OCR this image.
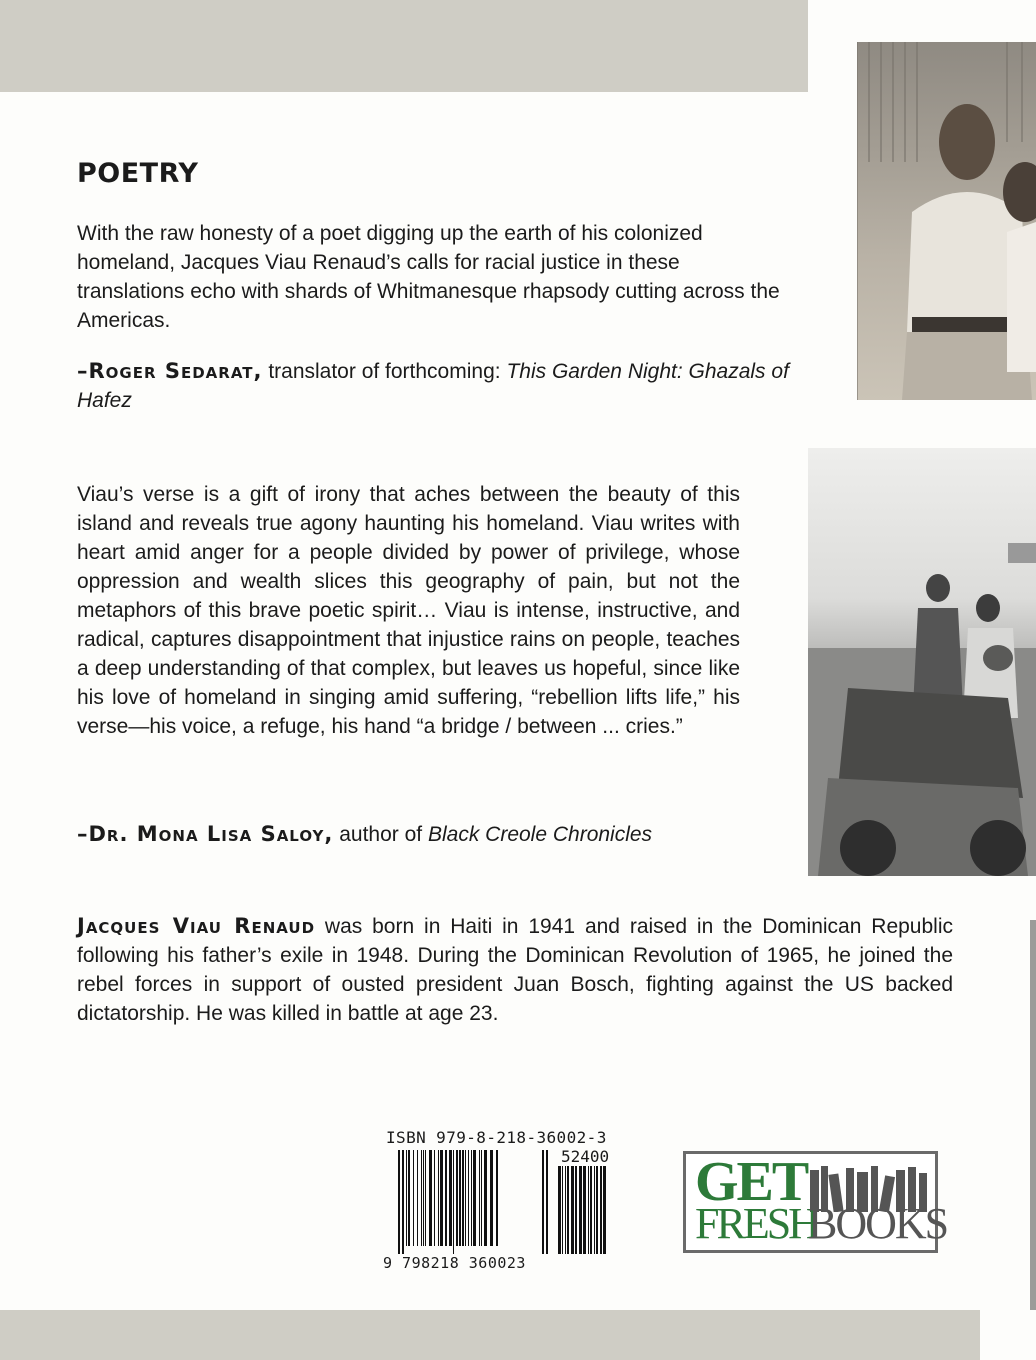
POETRY

With the raw honesty of a poet digging up the earth of his colonized homeland, Jacques Viau Renaud’s calls for racial justice in these translations echo with shards of Whitmanesque rhapsody cutting across the Americas.

–Roger Sedarat, translator of forthcoming: This Garden Night: Ghazals of Hafez

Viau’s verse is a gift of irony that aches between the beauty of this island and reveals true agony haunting his homeland. Viau writes with heart amid anger for a people divided by power of privilege, whose oppression and wealth slices this geography of pain, but not the metaphors of this brave poetic spirit… Viau is intense, instructive, and radical, captures disappointment that injustice rains on people, teaches a deep understanding of that complex, but leaves us hopeful, since like his love of homeland in singing amid suffering, “rebellion lifts life,” his verse—his voice, a refuge, his hand “a bridge / between ... cries.”

–Dr. Mona Lisa Saloy, author of Black Creole Chronicles

Jacques Viau Renaud was born in Haiti in 1941 and raised in the Dominican Republic following his father’s exile in 1948. During the Dominican Revolution of 1965, he joined the rebel forces in support of ousted president Juan Bosch, fighting against the US backed dictatorship. He was killed in battle at age 23.

ISBN 979-8-218-36002-3
52400
9 798218 360023
GET
FRESH
BOOKS
